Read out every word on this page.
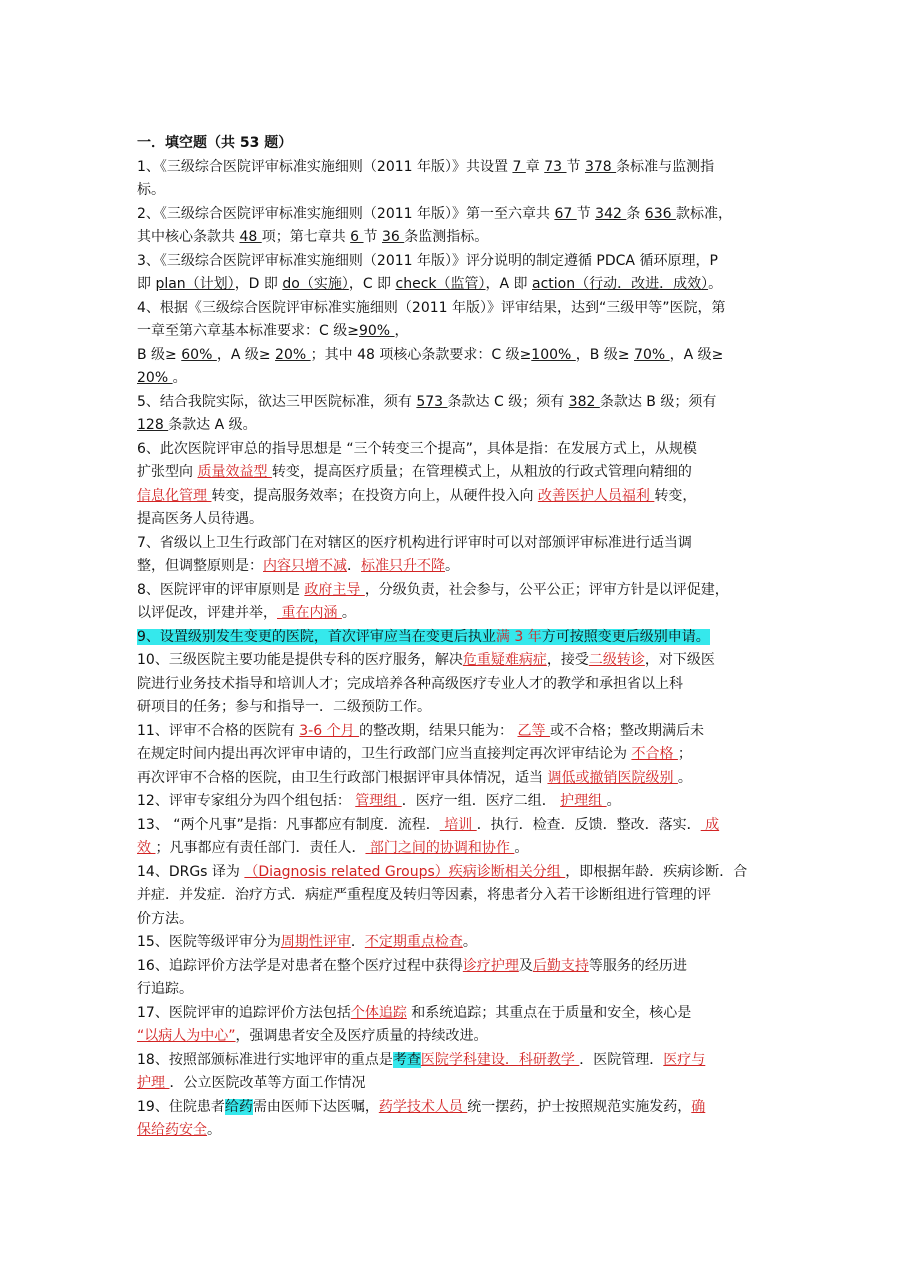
一．填空题（共 53 题）

1、《三级综合医院评审标准实施细则（2011 年版）》共设置 7 章 73 节 378 条标准与监测指
标。
2、《三级综合医院评审标准实施细则（2011 年版）》第一至六章共 67 节 342 条 636 款标准，
其中核心条款共 48 项；第七章共 6 节 36 条监测指标。
3、《三级综合医院评审标准实施细则（2011 年版）》评分说明的制定遵循 PDCA 循环原理，P
即 plan（计划），D 即 do（实施），C 即 check（监管），A 即 action（行动．改进．成效）。
4、根据《三级综合医院评审标准实施细则（2011 年版）》评审结果，达到“三级甲等”医院，第
一章至第六章基本标准要求：C 级≥90% ，
B 级≥ 60% ，A 级≥ 20% ；其中 48 项核心条款要求：C 级≥100% ，B 级≥ 70% ，A 级≥
20% 。
5、结合我院实际，欲达三甲医院标准，须有 573 条款达 C 级；须有 382 条款达 B 级；须有
128 条款达 A 级。
6、此次医院评审总的指导思想是 “三个转变三个提高”，具体是指：在发展方式上，从规模
扩张型向 质量效益型 转变，提高医疗质量；在管理模式上，从粗放的行政式管理向精细的
信息化管理 转变，提高服务效率；在投资方向上，从硬件投入向 改善医护人员福利 转变，
提高医务人员待遇。
7、省级以上卫生行政部门在对辖区的医疗机构进行评审时可以对部颁评审标准进行适当调
整，但调整原则是：内容只增不减．标准只升不降。
8、医院评审的评审原则是 政府主导 ，分级负责，社会参与，公平公正；评审方针是以评促建，
以评促改，评建并举， 重在内涵 。
9、设置级别发生变更的医院，首次评审应当在变更后执业满 3 年方可按照变更后级别申请。
10、三级医院主要功能是提供专科的医疗服务，解决危重疑难病症，接受二级转诊，对下级医
院进行业务技术指导和培训人才；完成培养各种高级医疗专业人才的教学和承担省以上科
研项目的任务；参与和指导一．二级预防工作。
11、评审不合格的医院有 3-6 个月 的整改期，结果只能为： 乙等 或不合格；整改期满后未
在规定时间内提出再次评审申请的，卫生行政部门应当直接判定再次评审结论为 不合格 ；
再次评审不合格的医院，由卫生行政部门根据评审具体情况，适当 调低或撤销医院级别 。
12、评审专家组分为四个组包括： 管理组 ．医疗一组．医疗二组． 护理组 。
13、 “两个凡事”是指：凡事都应有制度．流程． 培训 ．执行．检查．反馈．整改．落实． 成
效 ；凡事都应有责任部门．责任人． 部门之间的协调和协作 。
14、DRGs 译为 （Diagnosis related Groups）疾病诊断相关分组 ，即根据年龄．疾病诊断．合
并症．并发症．治疗方式．病症严重程度及转归等因素，将患者分入若干诊断组进行管理的评
价方法。
15、医院等级评审分为周期性评审．不定期重点检查。
16、追踪评价方法学是对患者在整个医疗过程中获得诊疗护理及后勤支持等服务的经历进
行追踪。
17、医院评审的追踪评价方法包括个体追踪 和系统追踪；其重点在于质量和安全，核心是
“以病人为中心”，强调患者安全及医疗质量的持续改进。
18、按照部颁标准进行实地评审的重点是考查医院学科建设．科研教学 ．医院管理．医疗与
护理 ．公立医院改革等方面工作情况
19、住院患者给药需由医师下达医嘱，药学技术人员 统一摆药，护士按照规范实施发药，确
保给药安全。
